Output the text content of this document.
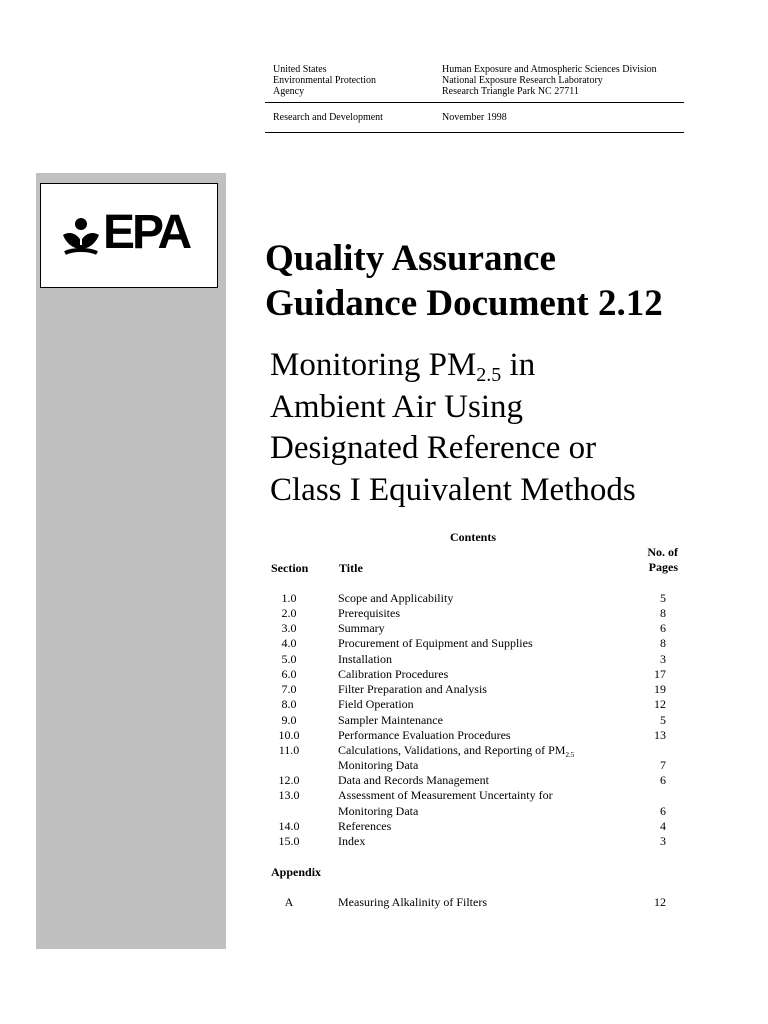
United States
Environmental Protection
Agency
Human Exposure and Atmospheric Sciences Division
National Exposure Research Laboratory
Research Triangle Park NC 27711
Research and Development	November 1998
EPA Quality Assurance
Guidance Document 2.12
Monitoring $PM_{2.5}$ in
Ambient Air Using
Designated Reference or
Class I Equivalent Methods
Contents
No. of
Pages
Section	Title
1.0	Scope and Applicability	5
2.0	Prerequisites	8
3.0	Summary	6
4.0	Procurement of Equipment and Supplies	8
5.0	Installation	3
6.0	Calibration Procedures	17
7.0	Filter Preparation and Analysis	19
8.0	Field Operation	12
9.0	Sampler Maintenance	5
10.0	Performance Evaluation Procedures	13
11.0	Calculations, Validations, and Reporting of $PM_{2.5}$
Monitoring Data	7
12.0	Data and Records Management	6
13.0	Assessment of Measurement Uncertainty for
Monitoring Data	6
14.0	References	4
15.0	Index	3
Appendix
A	Measuring Alkalinity of Filters	12
